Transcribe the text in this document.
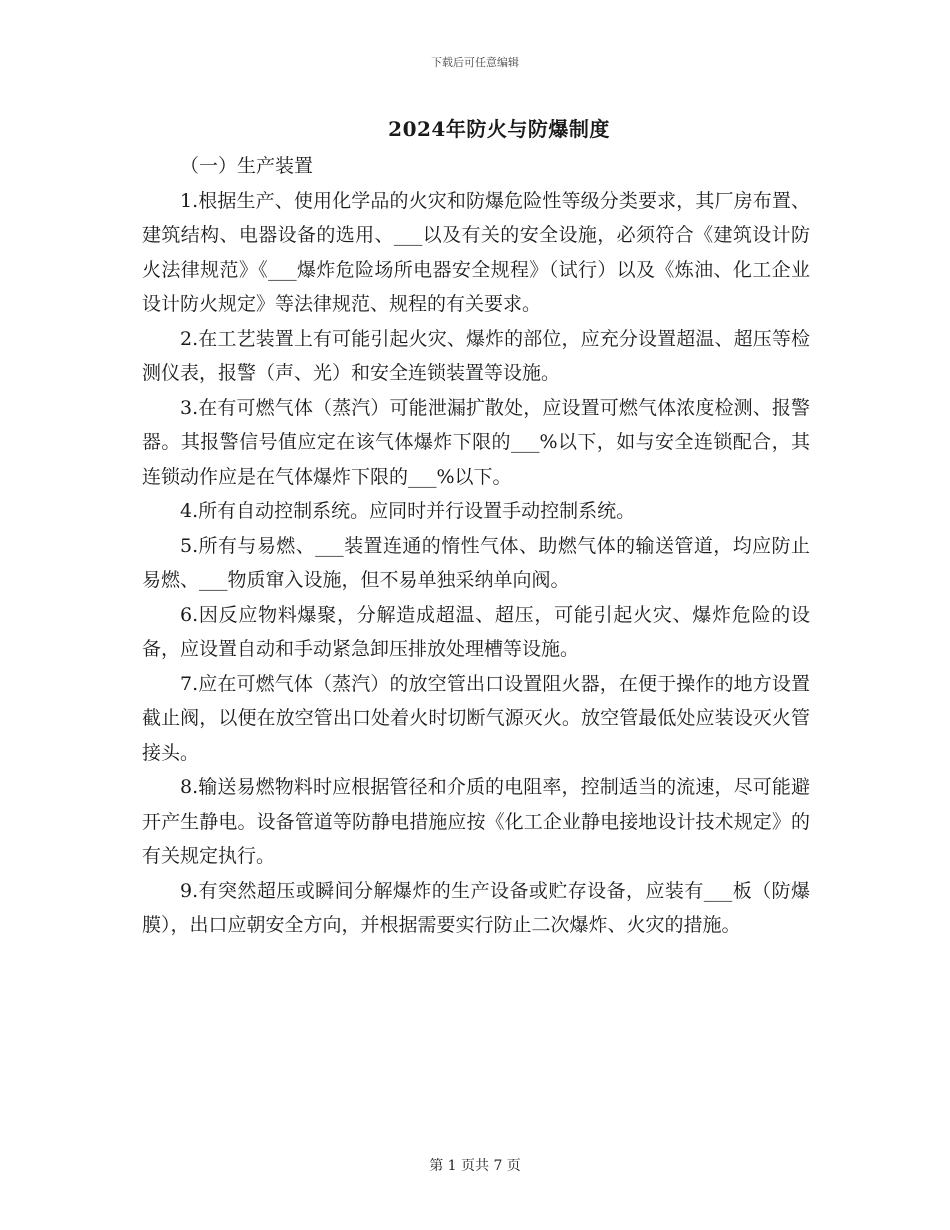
下载后可任意编辑
2024年防火与防爆制度

（一）生产装置

1.根据生产、使用化学品的火灾和防爆危险性等级分类要求，其厂房布置、建筑结构、电器设备的选用、___以及有关的安全设施，必须符合《建筑设计防火法律规范》《___爆炸危险场所电器安全规程》（试行）以及《炼油、化工企业设计防火规定》等法律规范、规程的有关要求。

2.在工艺装置上有可能引起火灾、爆炸的部位，应充分设置超温、超压等检测仪表，报警（声、光）和安全连锁装置等设施。

3.在有可燃气体（蒸汽）可能泄漏扩散处，应设置可燃气体浓度检测、报警器。其报警信号值应定在该气体爆炸下限的___%以下，如与安全连锁配合，其连锁动作应是在气体爆炸下限的___%以下。

4.所有自动控制系统。应同时并行设置手动控制系统。

5.所有与易燃、___装置连通的惰性气体、助燃气体的输送管道，均应防止易燃、___物质窜入设施，但不易单独采纳单向阀。

6.因反应物料爆聚，分解造成超温、超压，可能引起火灾、爆炸危险的设备，应设置自动和手动紧急卸压排放处理槽等设施。

7.应在可燃气体（蒸汽）的放空管出口设置阻火器，在便于操作的地方设置截止阀，以便在放空管出口处着火时切断气源灭火。放空管最低处应装设灭火管接头。

8.输送易燃物料时应根据管径和介质的电阻率，控制适当的流速，尽可能避开产生静电。设备管道等防静电措施应按《化工企业静电接地设计技术规定》的有关规定执行。

9.有突然超压或瞬间分解爆炸的生产设备或贮存设备，应装有___板（防爆膜），出口应朝安全方向，并根据需要实行防止二次爆炸、火灾的措施。

第 1 页共 7 页
